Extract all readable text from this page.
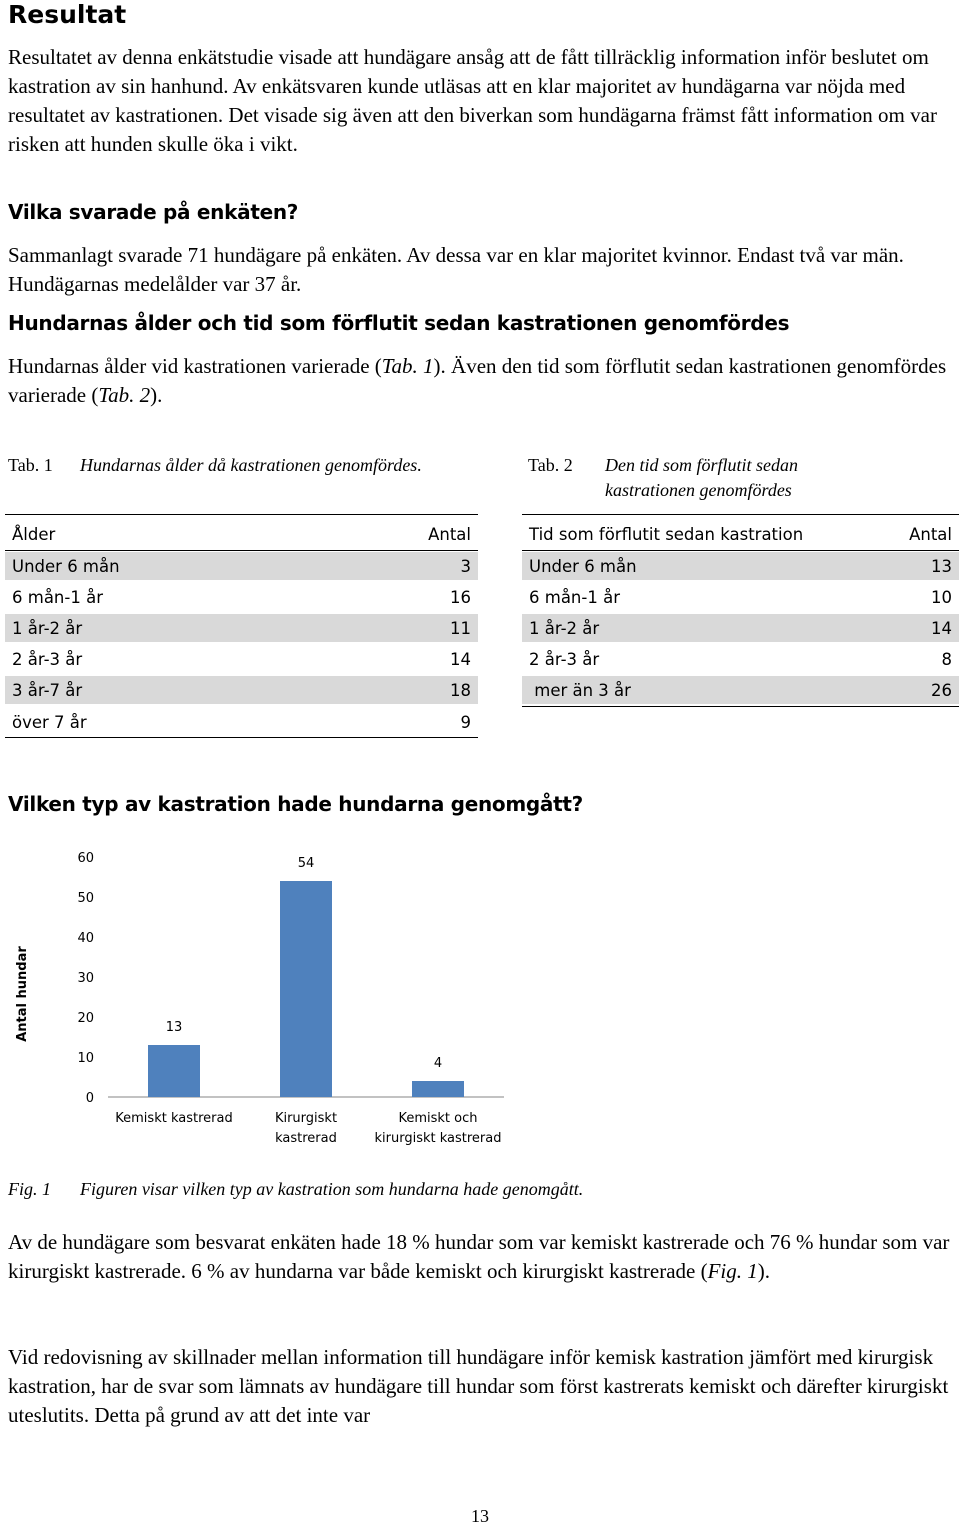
Resultat
Resultatet av denna enkätstudie visade att hundägare ansåg att de fått tillräcklig information inför beslutet om kastration av sin hanhund. Av enkätsvaren kunde utläsas att en klar majoritet av hundägarna var nöjda med resultatet av kastrationen. Det visade sig även att den biverkan som hundägarna främst fått information om var risken att hunden skulle öka i vikt.
Vilka svarade på enkäten?
Sammanlagt svarade 71 hundägare på enkäten. Av dessa var en klar majoritet kvinnor. Endast två var män. Hundägarnas medelålder var 37 år.
Hundarnas ålder och tid som förflutit sedan kastrationen genomfördes
Hundarnas ålder vid kastrationen varierade (Tab. 1). Även den tid som förflutit sedan kastrationen genomfördes varierade (Tab. 2).
Tab. 1 Hundarnas ålder då kastrationen genomfördes.	Tab. 2 Den tid som förflutit sedan
kastrationen genomfördes
Ålder	Antal
Under 6 mån	3
6 mån-1 år	16
1 år-2 år	11
2 år-3 år	14
3 år-7 år	18
över 7 år	9
Tid som förflutit sedan kastration	Antal
Under 6 mån	13
6 mån-1 år	10
1 år-2 år	14
2 år-3 år	8
mer än 3 år	26
Vilken typ av kastration hade hundarna genomgått?
Antal hundar
0
10
20
30
40
50
60
13
54
4
Kemiskt kastrerad	Kirurgiskt
kastrerad
Kemiskt och
kirurgiskt kastrerad
Fig. 1 Figuren visar vilken typ av kastration som hundarna hade genomgått.
Av de hundägare som besvarat enkäten hade 18 % hundar som var kemiskt kastrerade och 76 % hundar som var kirurgiskt kastrerade. 6 % av hundarna var både kemiskt och kirurgiskt kastrerade (Fig. 1).
Vid redovisning av skillnader mellan information till hundägare inför kemisk kastration jämfört med kirurgisk kastration, har de svar som lämnats av hundägare till hundar som först kastrerats kemiskt och därefter kirurgiskt uteslutits. Detta på grund av att det inte var
13
